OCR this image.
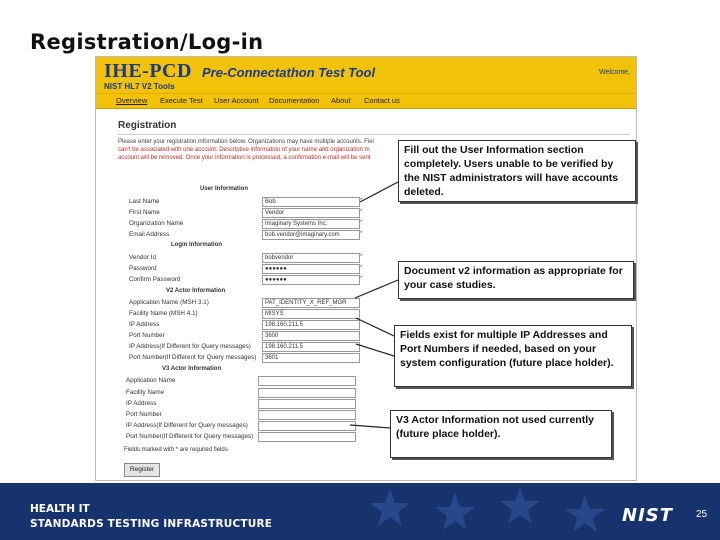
Registration/Log-in
IHE-PCD
NIST HL7 V2 Tools
Pre-Connectathon Test Tool	Welcome,
Overview Execute Test User Account Documentation About Contact us
Registration
Please enter your registration information below. Organizations may have multiple accounts. Fiel
can't be associated with one account. Descriptive information of your name and organization m
account will be removed. Once your information is processed, a confirmation e-mail will be sent
User Information
Last Name	Bob
First Name	Vendor	*
Organization Name	Imaginary Systems Inc.	*
Email Address	bob.vendor@imaginary.com	*
Login Information
Vendor Id	bobvendor	*
Password	●●●●●●	*
Confirm Password	●●●●●●	*
V2 Actor Information
Application Name (MSH 3.1)	PAT_IDENTITY_X_REF_MGR
Facility Name (MSH 4.1)	MISYS
IP Address	198.160.211.5
Port Number	3600
IP Address(If Different for Query messages)	198.160.211.5
Port Number(If Different for Query messages)	3601
V3 Actor Information
Application Name
Facility Name
IP Address
Port Number
IP Address(If Different for Query messages)
Port Number(If Different for Query messages)
Fields marked with * are required fields
Register
Fill out the User Information section completely. Users unable to be verified by the NIST administrators will have accounts deleted.
Document v2 information as appropriate for your case studies.
Fields exist for multiple IP Addresses and Port Numbers if needed, based on your system configuration (future place holder).
V3 Actor Information not used currently (future place holder).
HEALTH IT
STANDARDS TESTING INFRASTRUCTURE	NIST 25
